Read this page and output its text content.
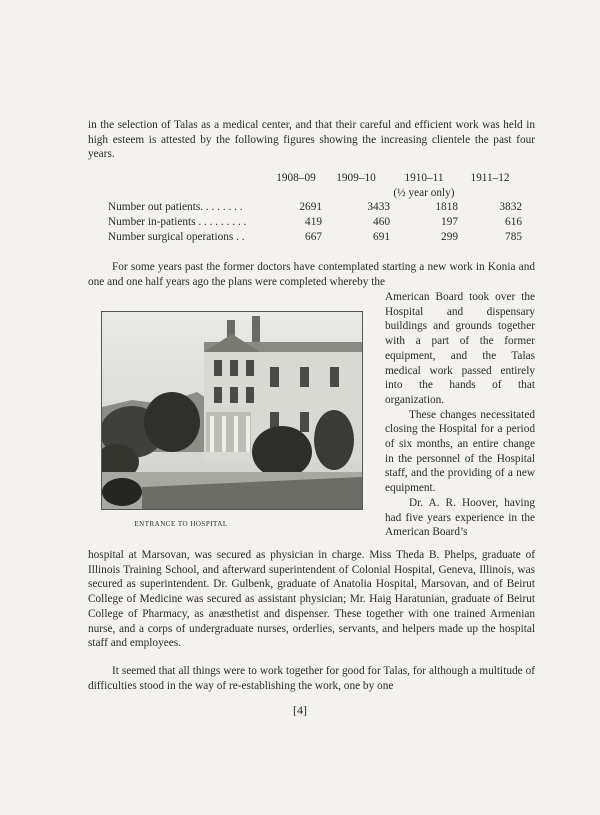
in the selection of Talas as a medical center, and that their careful and efficient work was held in high esteem is attested by the following figures showing the increasing clientele the past four years.

	1908–09	1909–10	1910–11	1911–12
			(½ year only)	
Number out patients. . . . . . . .	2691	3433	1818	3832
Number in-patients . . . . . . . . .	419	460	197	616
Number surgical operations . .	667	691	299	785

For some years past the former doctors have contemplated starting a new work in Konia and one and one half years ago the plans were completed whereby the

ENTRANCE TO HOSPITAL

American Board took over the Hospital and dispensary buildings and grounds together with a part of the former equipment, and the Talas medical work passed entirely into the hands of that organization.

These changes necessitated closing the Hospital for a period of six months, an entire change in the personnel of the Hospital staff, and the providing of a new equipment.

Dr. A. R. Hoover, having had five years experience in the American Board’s

hospital at Marsovan, was secured as physician in charge. Miss Theda B. Phelps, graduate of Illinois Training School, and afterward superintendent of Colonial Hospital, Geneva, Illinois, was secured as superintendent. Dr. Gulbenk, graduate of Anatolia Hospital, Marsovan, and of Beirut College of Medicine was secured as assistant physician; Mr. Haig Haratunian, graduate of Beirut College of Pharmacy, as anæsthetist and dispenser. These together with one trained Armenian nurse, and a corps of undergraduate nurses, orderlies, servants, and helpers made up the hospital staff and employees.

It seemed that all things were to work together for good for Talas, for although a multitude of difficulties stood in the way of re-establishing the work, one by one

[4]
